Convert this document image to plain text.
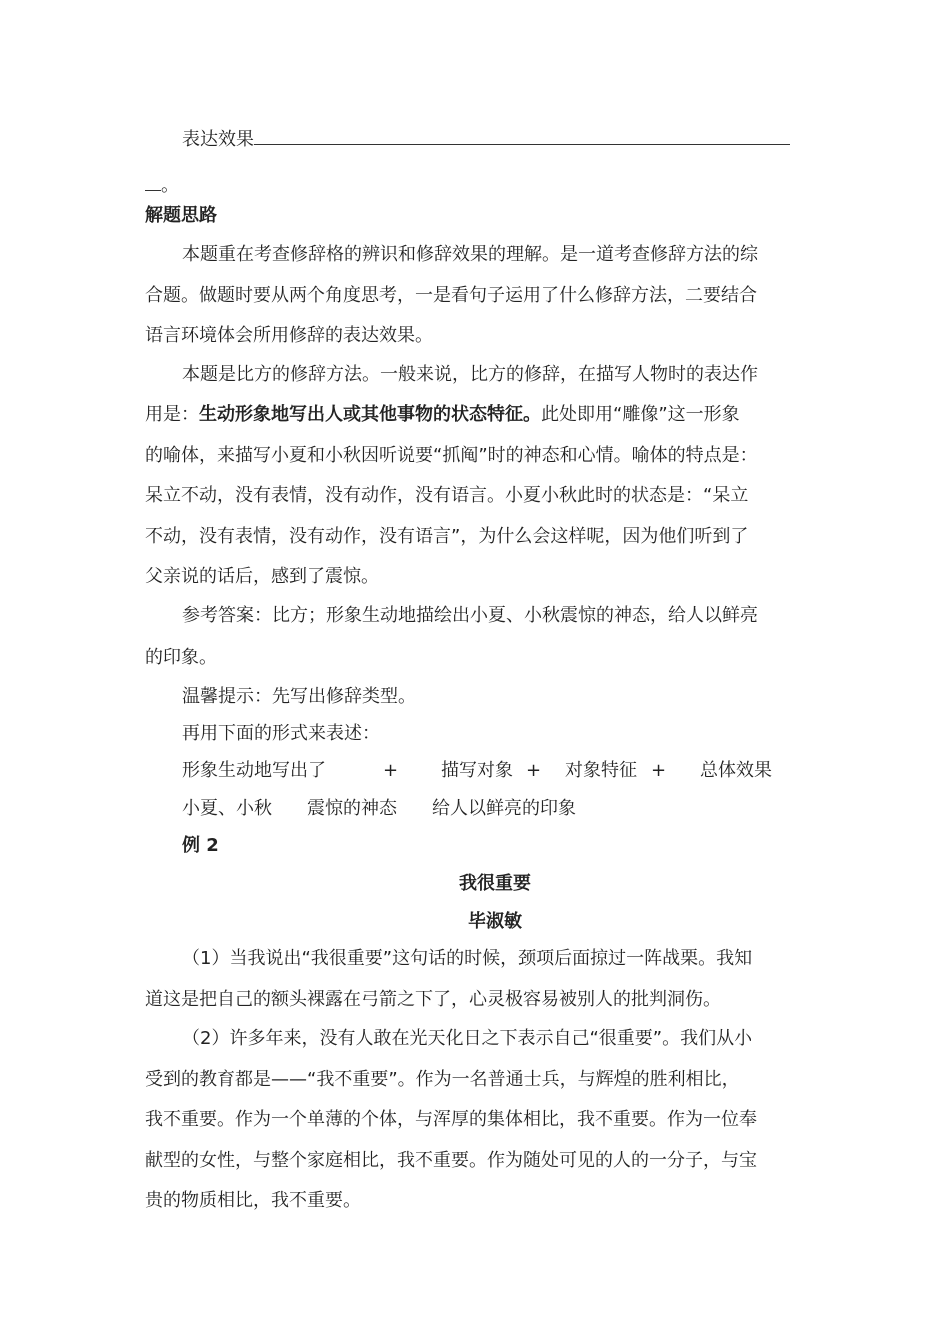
表达效果
。
解题思路
本题重在考查修辞格的辨识和修辞效果的理解。是一道考查修辞方法的综
合题。做题时要从两个角度思考，一是看句子运用了什么修辞方法，二要结合
语言环境体会所用修辞的表达效果。
本题是比方的修辞方法。一般来说，比方的修辞，在描写人物时的表达作
用是：生动形象地写出人或其他事物的状态特征。此处即用“雕像”这一形象
的喻体，来描写小夏和小秋因听说要“抓阄”时的神态和心情。喻体的特点是：
呆立不动，没有表情，没有动作，没有语言。小夏小秋此时的状态是：“呆立
不动，没有表情，没有动作，没有语言”，为什么会这样呢，因为他们听到了
父亲说的话后，感到了震惊。
参考答案：比方；形象生动地描绘出小夏、小秋震惊的神态，给人以鲜亮
的印象。
温馨提示：先写出修辞类型。
再用下面的形式来表述：
形象生动地写出了	+ 描写对象 + 对象特征 + 总体效果
小夏、小秋 震惊的神态 给人以鲜亮的印象
例 2
我很重要
毕淑敏
（1）当我说出“我很重要”这句话的时候，颈项后面掠过一阵战栗。我知
道这是把自己的额头裸露在弓箭之下了，心灵极容易被别人的批判洞伤。
（2）许多年来，没有人敢在光天化日之下表示自己“很重要”。我们从小
受到的教育都是——“我不重要”。作为一名普通士兵，与辉煌的胜利相比，
我不重要。作为一个单薄的个体，与浑厚的集体相比，我不重要。作为一位奉
献型的女性，与整个家庭相比，我不重要。作为随处可见的人的一分子，与宝
贵的物质相比，我不重要。
